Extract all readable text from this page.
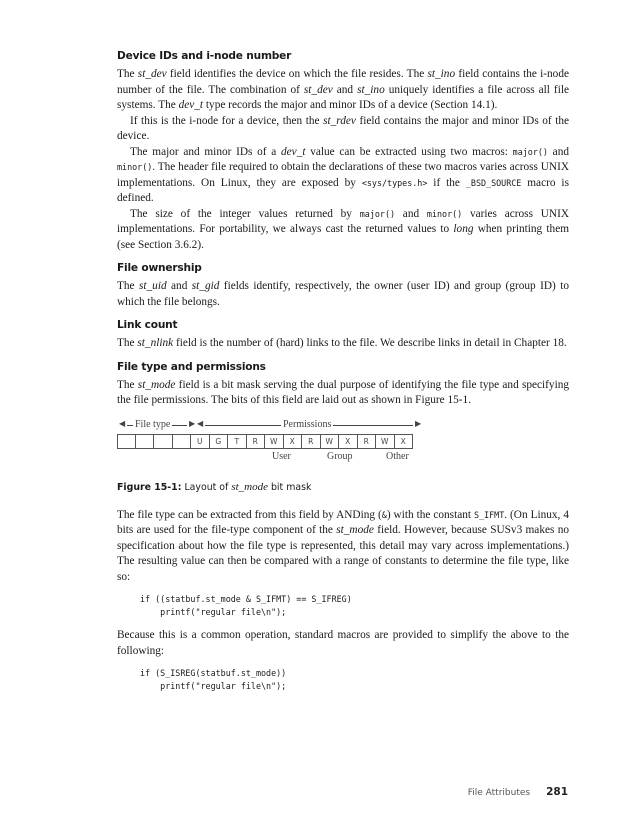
Device IDs and i-node number

The st_dev field identifies the device on which the file resides. The st_ino field contains the i-node number of the file. The combination of st_dev and st_ino uniquely identifies a file across all file systems. The dev_t type records the major and minor IDs of a device (Section 14.1).

If this is the i-node for a device, then the st_rdev field contains the major and minor IDs of the device.

The major and minor IDs of a dev_t value can be extracted using two macros: major() and minor(). The header file required to obtain the declarations of these two macros varies across UNIX implementations. On Linux, they are exposed by <sys/types.h> if the _BSD_SOURCE macro is defined.

The size of the integer values returned by major() and minor() varies across UNIX implementations. For portability, we always cast the returned values to long when printing them (see Section 3.6.2).

File ownership

The st_uid and st_gid fields identify, respectively, the owner (user ID) and group (group ID) to which the file belongs.

Link count

The st_nlink field is the number of (hard) links to the file. We describe links in detail in Chapter 18.

File type and permissions

The st_mode field is a bit mask serving the dual purpose of identifying the file type and specifying the file permissions. The bits of this field are laid out as shown in Figure 15-1.

◀ File type ▶ ◀	Permissions	▶
U	G	T	R	W	X	R	W	X	R	W	X
User	Group	Other
Figure 15-1: Layout of st_mode bit mask

The file type can be extracted from this field by ANDing (&) with the constant S_IFMT. (On Linux, 4 bits are used for the file-type component of the st_mode field. However, because SUSv3 makes no specification about how the file type is represented, this detail may vary across implementations.) The resulting value can then be compared with a range of constants to determine the file type, like so:

if ((statbuf.st_mode & S_IFMT) == S_IFREG)
printf("regular file\n");

Because this is a common operation, standard macros are provided to simplify the above to the following:

if (S_ISREG(statbuf.st_mode))
printf("regular file\n");
File Attributes 281
